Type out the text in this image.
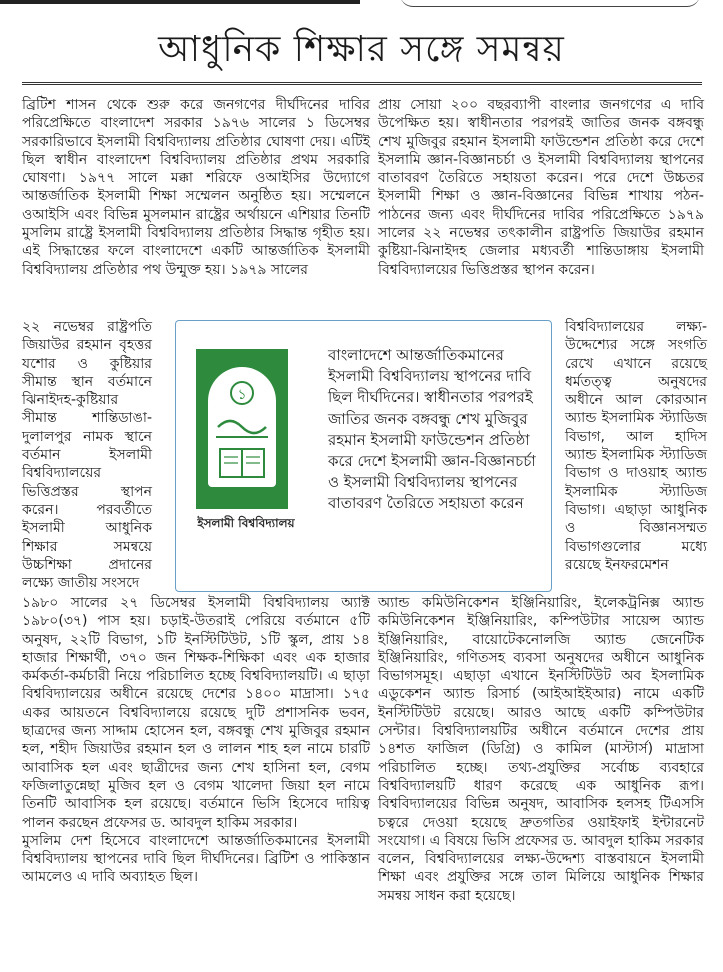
আধুনিক শিক্ষার সঙ্গে সমন্বয়

ব্রিটিশ শাসন থেকে শুরু করে জনগণের দীর্ঘদিনের দাবির পরিপ্রেক্ষিতে বাংলাদেশ সরকার ১৯৭৬ সালের ১ ডিসেম্বর সরকারিভাবে ইসলামী বিশ্ববিদ্যালয় প্রতিষ্ঠার ঘোষণা দেয়। এটিই ছিল স্বাধীন বাংলাদেশ বিশ্ববিদ্যালয় প্রতিষ্ঠার প্রথম সরকারি ঘোষণা। ১৯৭৭ সালে মক্কা শরিফে ওআইসির উদ্যোগে আন্তর্জাতিক ইসলামী শিক্ষা সম্মেলন অনুষ্ঠিত হয়। সম্মেলনে ওআইসি এবং বিভিন্ন মুসলমান রাষ্ট্রের অর্থায়নে এশিয়ার তিনটি মুসলিম রাষ্ট্রে ইসলামী বিশ্ববিদ্যালয় প্রতিষ্ঠার সিদ্ধান্ত গৃহীত হয়। এই সিদ্ধান্তের ফলে বাংলাদেশে একটি আন্তর্জাতিক ইসলামী বিশ্ববিদ্যালয় প্রতিষ্ঠার পথ উন্মুক্ত হয়। ১৯৭৯ সালের

প্রায় সোয়া ২০০ বছরব্যাপী বাংলার জনগণের এ দাবি উপেক্ষিত হয়। স্বাধীনতার পরপরই জাতির জনক বঙ্গবন্ধু শেখ মুজিবুর রহমান ইসলামী ফাউন্ডেশন প্রতিষ্ঠা করে দেশে ইসলামি জ্ঞান-বিজ্ঞানচর্চা ও ইসলামী বিশ্ববিদ্যালয় স্থাপনের বাতাবরণ তৈরিতে সহায়তা করেন। পরে দেশে উচ্চতর ইসলামী শিক্ষা ও জ্ঞান-বিজ্ঞানের বিভিন্ন শাখায় পঠন-পাঠনের জন্য এবং দীর্ঘদিনের দাবির পরিপ্রেক্ষিতে ১৯৭৯ সালের ২২ নভেম্বর তৎকালীন রাষ্ট্রপতি জিয়াউর রহমান কুষ্টিয়া-ঝিনাইদহ জেলার মধ্যবর্তী শান্তিডাঙ্গায় ইসলামী বিশ্ববিদ্যালয়ের ভিত্তিপ্রস্তর স্থাপন করেন।

২২ নভেম্বর রাষ্ট্রপতি জিয়াউর রহমান বৃহত্তর যশোর ও কুষ্টিয়ার সীমান্ত স্থান বর্তমানে ঝিনাইদহ-কুষ্টিয়ার সীমান্ত শান্তিডাঙা-দুলালপুর নামক স্থানে বর্তমান ইসলামী বিশ্ববিদ্যালয়ের ভিত্তিপ্রস্তর স্থাপন করেন। পরবর্তীতে ইসলামী আধুনিক শিক্ষার সমন্বয়ে উচ্চশিক্ষা প্রদানের লক্ষ্যে জাতীয় সংসদে

বিশ্ববিদ্যালয়ের লক্ষ্য-উদ্দেশ্যের সঙ্গে সংগতি রেখে এখানে রয়েছে ধর্মতত্ত্ব অনুষদের অধীনে আল কোরআন অ্যান্ড ইসলামিক স্ট্যাডিজ বিভাগ, আল হাদিস অ্যান্ড ইসলামিক স্ট্যাডিজ বিভাগ ও দাওয়াহ অ্যান্ড ইসলামিক স্ট্যাডিজ বিভাগ। এছাড়া আধুনিক ও বিজ্ঞানসম্মত বিভাগগুলোর মধ্যে রয়েছে ইনফরমেশন

১৯৮০ সালের ২৭ ডিসেম্বর ইসলামী বিশ্ববিদ্যালয় অ্যাক্ট ১৯৮০(৩৭) পাস হয়। চড়াই-উতরাই পেরিয়ে বর্তমানে ৫টি অনুষদ, ২২টি বিভাগ, ১টি ইনস্টিটিউট, ১টি স্কুল, প্রায় ১৪ হাজার শিক্ষার্থী, ৩৭০ জন শিক্ষক-শিক্ষিকা এবং এক হাজার কর্মকর্তা-কর্মচারী নিয়ে পরিচালিত হচ্ছে বিশ্ববিদ্যালয়টি। এ ছাড়া বিশ্ববিদ্যালয়ের অধীনে রয়েছে দেশের ১৪০০ মাদ্রাসা। ১৭৫ একর আয়তনে বিশ্ববিদ্যালয়ে রয়েছে দুটি প্রশাসনিক ভবন, ছাত্রদের জন্য সাদ্দাম হোসেন হল, বঙ্গবন্ধু শেখ মুজিবুর রহমান হল, শহীদ জিয়াউর রহমান হল ও লালন শাহ হল নামে চারটি আবাসিক হল এবং ছাত্রীদের জন্য শেখ হাসিনা হল, বেগম ফজিলাতুন্নেছা মুজিব হল ও বেগম খালেদা জিয়া হল নামে তিনটি আবাসিক হল রয়েছে। বর্তমানে ভিসি হিসেবে দায়িত্ব পালন করছেন প্রফেসর ড. আবদুল হাকিম সরকার।

মুসলিম দেশ হিসেবে বাংলাদেশে আন্তর্জাতিকমানের ইসলামী বিশ্ববিদ্যালয় স্থাপনের দাবি ছিল দীর্ঘদিনের। ব্রিটিশ ও পাকিস্তান আমলেও এ দাবি অব্যাহত ছিল।

অ্যান্ড কমিউনিকেশন ইঞ্জিনিয়ারিং, ইলেকট্রনিক্স অ্যান্ড কমিউনিকেশন ইঞ্জিনিয়ারিং, কম্পিউটার সায়েন্স অ্যান্ড ইঞ্জিনিয়ারিং, বায়োটেকনোলজি অ্যান্ড জেনেটিক ইঞ্জিনিয়ারিং, গণিতসহ ব্যবসা অনুষদের অধীনে আধুনিক বিভাগসমূহ। এছাড়া এখানে ইনস্টিটিউট অব ইসলামিক এডুকেশন অ্যান্ড রিসার্চ (আইআইইআর) নামে একটি ইনস্টিটিউট রয়েছে। আরও আছে একটি কম্পিউটার সেন্টার। বিশ্ববিদ্যালয়টির অধীনে বর্তমানে দেশের প্রায় ১৪শত ফাজিল (ডিগ্রি) ও কামিল (মাস্টার্স) মাদ্রাসা পরিচালিত হচ্ছে। তথ্য-প্রযুক্তির সর্বোচ্চ ব্যবহারে বিশ্ববিদ্যালয়টি ধারণ করেছে এক আধুনিক রূপ। বিশ্ববিদ্যালয়ের বিভিন্ন অনুষদ, আবাসিক হলসহ টিএসসি চত্বরে দেওয়া হয়েছে দ্রুতগতির ওয়াইফাই ইন্টারনেট সংযোগ। এ বিষয়ে ভিসি প্রফেসর ড. আবদুল হাকিম সরকার বলেন, বিশ্ববিদ্যালয়ের লক্ষ্য-উদ্দেশ্য বাস্তবায়নে ইসলামী শিক্ষা এবং প্রযুক্তির সঙ্গে তাল মিলিয়ে আধুনিক শিক্ষার সমন্বয় সাধন করা হয়েছে।

১
ইসলামী বিশ্ববিদ্যালয়

বাংলাদেশে আন্তর্জাতিকমানের ইসলামী বিশ্ববিদ্যালয় স্থাপনের দাবি ছিল দীর্ঘদিনের। স্বাধীনতার পরপরই জাতির জনক বঙ্গবন্ধু শেখ মুজিবুর রহমান ইসলামী ফাউন্ডেশন প্রতিষ্ঠা করে দেশে ইসলামী জ্ঞান-বিজ্ঞানচর্চা ও ইসলামী বিশ্ববিদ্যালয় স্থাপনের বাতাবরণ তৈরিতে সহায়তা করেন
